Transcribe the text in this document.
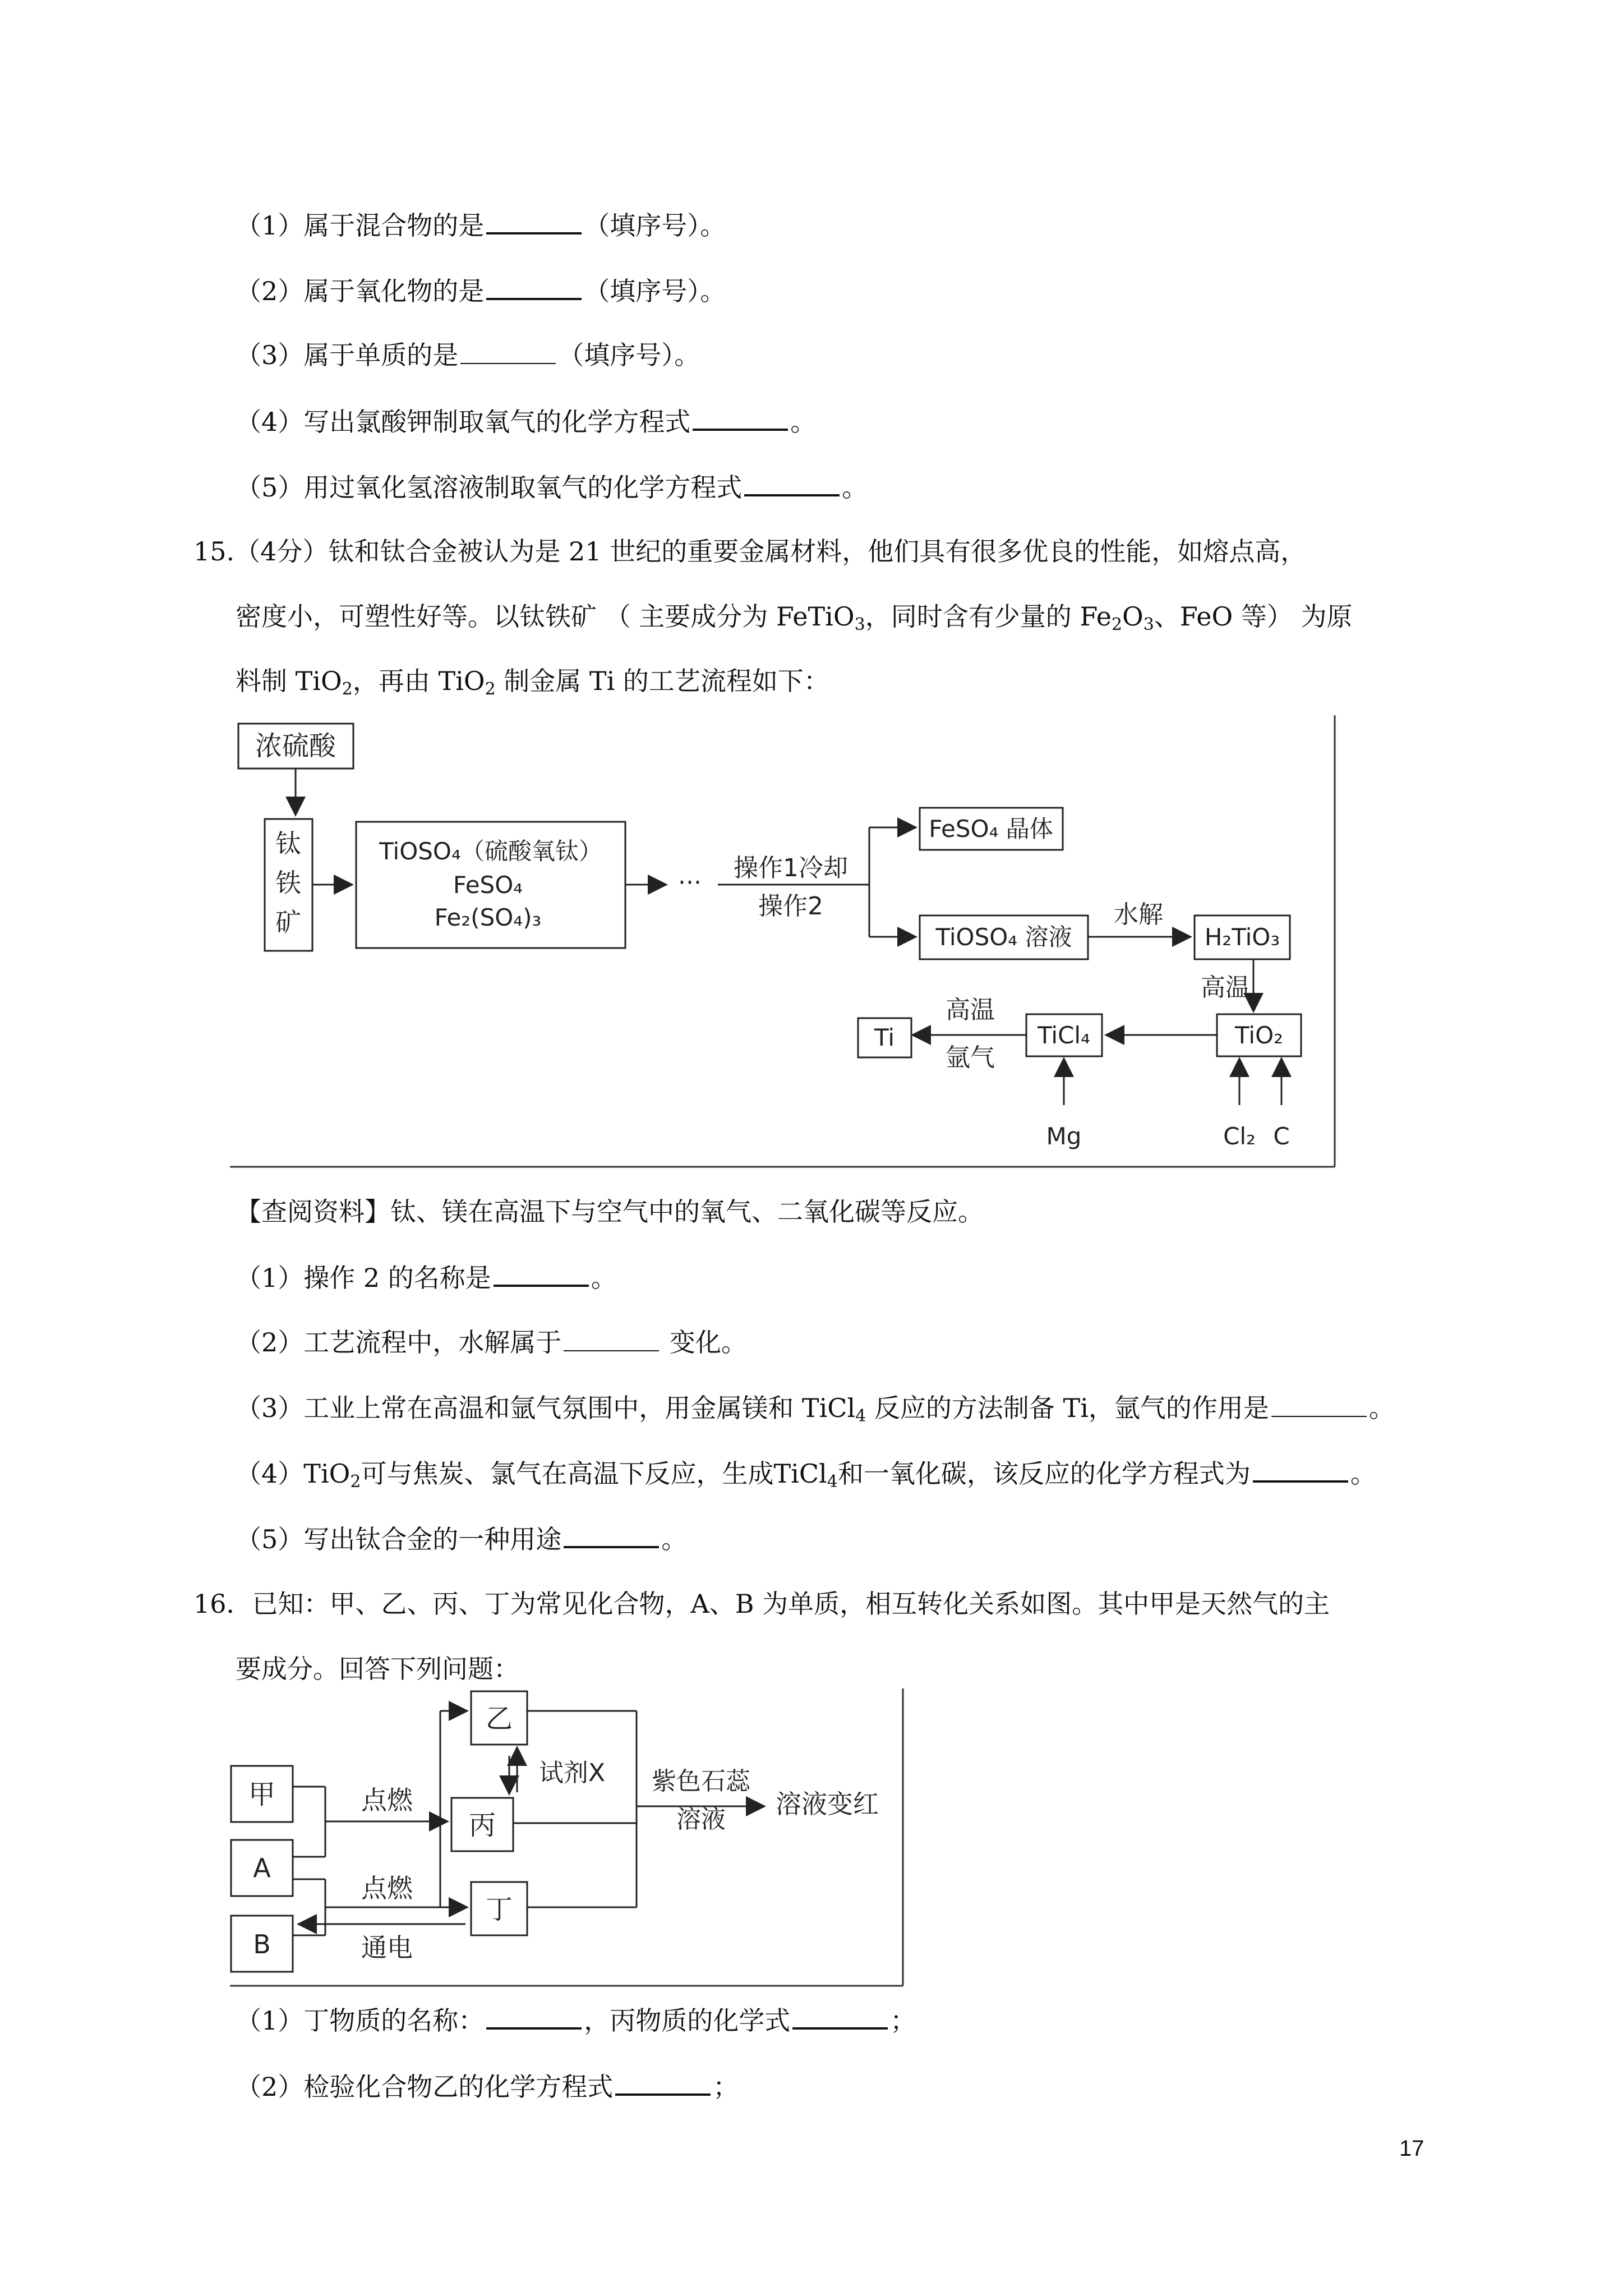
（1）属于混合物的是	（填序号）。
（2）属于氧化物的是	（填序号）。
（3）属于单质的是	（填序号）。
（4）写出氯酸钾制取氧气的化学方程式	。
（5）用过氧化氢溶液制取氧气的化学方程式	。
15.（4分）钛和钛合金被认为是 21 世纪的重要金属材料，他们具有很多优良的性能，如熔点高，
密度小，可塑性好等。以钛铁矿 （ 主要成分为 FeTiO$_3$，同时含有少量的 $Fe_2O_3$、FeO 等） 为原
料制 TiO$_2$，再由 TiO$_2$ 制金属 Ti 的工艺流程如下：
浓硫酸
钛
铁
矿
TiOSO₄（硫酸氧钛）
FeSO₄
Fe₂(SO₄)₃
···
操作1冷却
操作2
FeSO₄ 晶体
TiOSO₄ 溶液
水解
H₂TiO₃
高温
TiO₂
Cl₂ C
TiCl₄
Mg
高温
氩气
Ti
【查阅资料】钛、镁在高温下与空气中的氧气、二氧化碳等反应。
（1）操作 2 的名称是	。
（2）工艺流程中，水解属于	变化。
（3）工业上常在高温和氩气氛围中，用金属镁和 TiCl$_4$ 反应的方法制备 Ti，氩气的作用是	。
（4）TiO$_2$可与焦炭、氯气在高温下反应，生成TiCl$_4$和一氧化碳，该反应的化学方程式为	。
（5）写出钛合金的一种用途	。
16．已知：甲、乙、丙、丁为常见化合物，A、B 为单质，相互转化关系如图。其中甲是天然气的主
要成分。回答下列问题：
甲
A
B
点燃
点燃
通电
乙
丙
丁
试剂X 紫色石蕊
溶液
溶液变红
（1）丁物质的名称：	，丙物质的化学式	；
（2）检验化合物乙的化学方程式	；
17
